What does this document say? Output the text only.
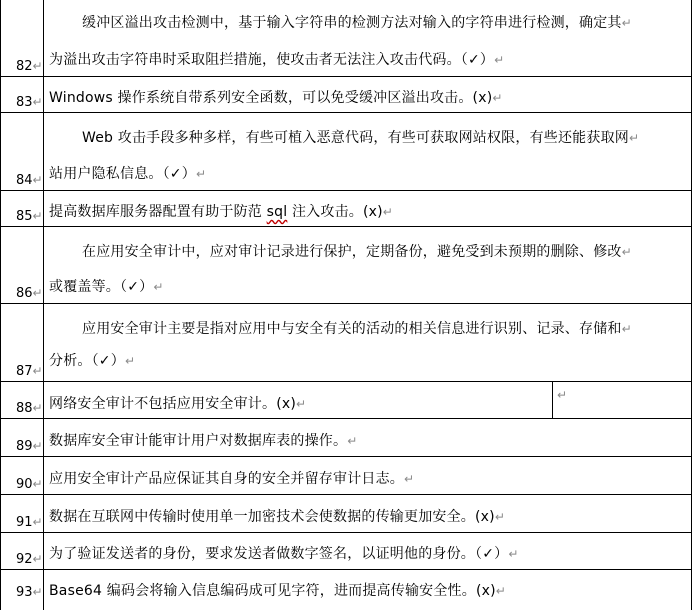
82↵
缓冲区溢出攻击检测中，基于输入字符串的检测方法对输入的字符串进行检测，确定其↵
为溢出攻击字符串时采取阻拦措施，使攻击者无法注入攻击代码。（✓）↵
83↵ Windows 操作系统自带系列安全函数，可以免受缓冲区溢出攻击。(x)↵
84↵
Web 攻击手段多种多样，有些可植入恶意代码，有些可获取网站权限，有些还能获取网↵
站用户隐私信息。（✓）↵
85↵ 提高数据库服务器配置有助于防范 sql 注入攻击。(x)↵
86↵
在应用安全审计中，应对审计记录进行保护，定期备份，避免受到未预期的删除、修改↵
或覆盖等。（✓）↵
87↵
应用安全审计主要是指对应用中与安全有关的活动的相关信息进行识别、记录、存储和↵
分析。（✓）↵
88↵ 网络安全审计不包括应用安全审计。(x)↵
↵
89↵ 数据库安全审计能审计用户对数据库表的操作。↵
90↵ 应用安全审计产品应保证其自身的安全并留存审计日志。↵
91↵ 数据在互联网中传输时使用单一加密技术会使数据的传输更加安全。(x)↵
92↵ 为了验证发送者的身份，要求发送者做数字签名，以证明他的身份。（✓）↵
93↵ Base64 编码会将输入信息编码成可见字符，进而提高传输安全性。(x)↵
